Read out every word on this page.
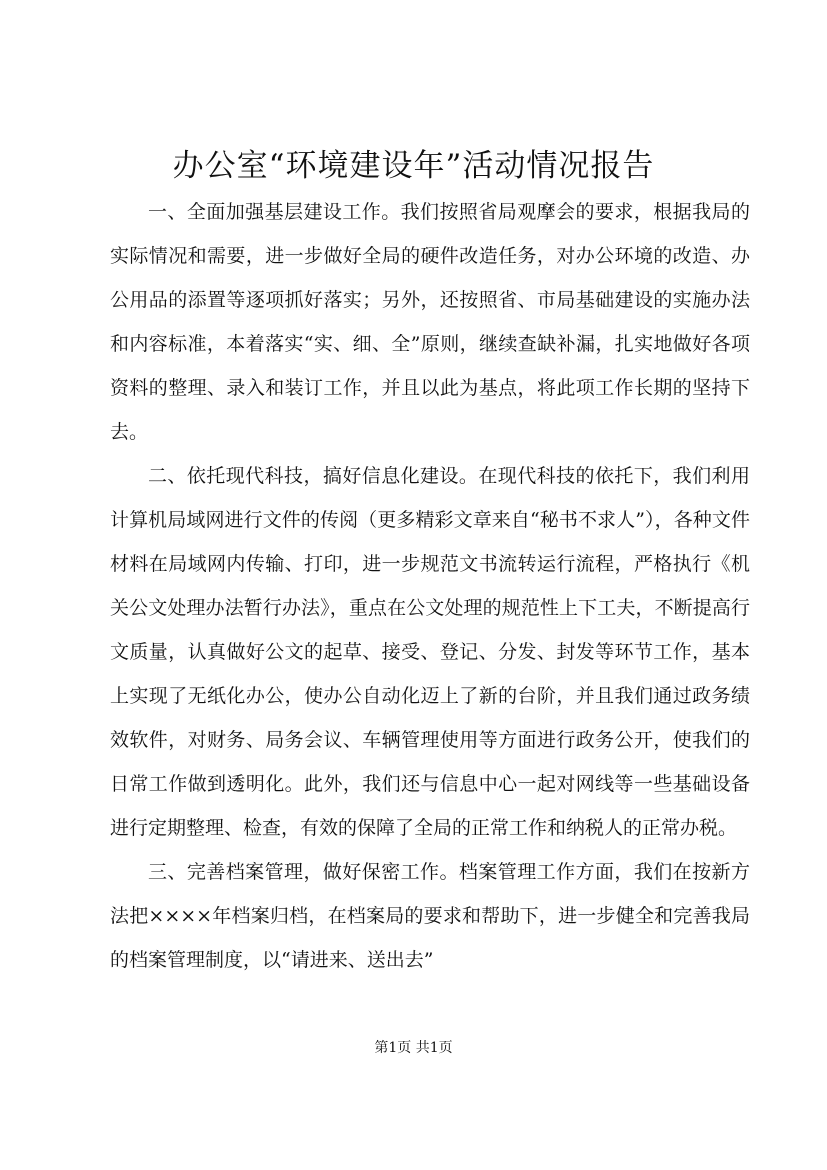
办公室“环境建设年”活动情况报告

一、全面加强基层建设工作。我们按照省局观摩会的要求，根据我局的实际情况和需要，进一步做好全局的硬件改造任务，对办公环境的改造、办公用品的添置等逐项抓好落实；另外，还按照省、市局基础建设的实施办法和内容标准，本着落实“实、细、全”原则，继续查缺补漏，扎实地做好各项资料的整理、录入和装订工作，并且以此为基点，将此项工作长期的坚持下去。

二、依托现代科技，搞好信息化建设。在现代科技的依托下，我们利用计算机局域网进行文件的传阅（更多精彩文章来自“秘书不求人”），各种文件材料在局域网内传输、打印，进一步规范文书流转运行流程，严格执行《机关公文处理办法暂行办法》，重点在公文处理的规范性上下工夫，不断提高行文质量，认真做好公文的起草、接受、登记、分发、封发等环节工作，基本上实现了无纸化办公，使办公自动化迈上了新的台阶，并且我们通过政务绩效软件，对财务、局务会议、车辆管理使用等方面进行政务公开，使我们的日常工作做到透明化。此外，我们还与信息中心一起对网线等一些基础设备进行定期整理、检查，有效的保障了全局的正常工作和纳税人的正常办税。

三、完善档案管理，做好保密工作。档案管理工作方面，我们在按新方法把××××年档案归档，在档案局的要求和帮助下，进一步健全和完善我局的档案管理制度，以“请进来、送出去”

第1页 共1页
